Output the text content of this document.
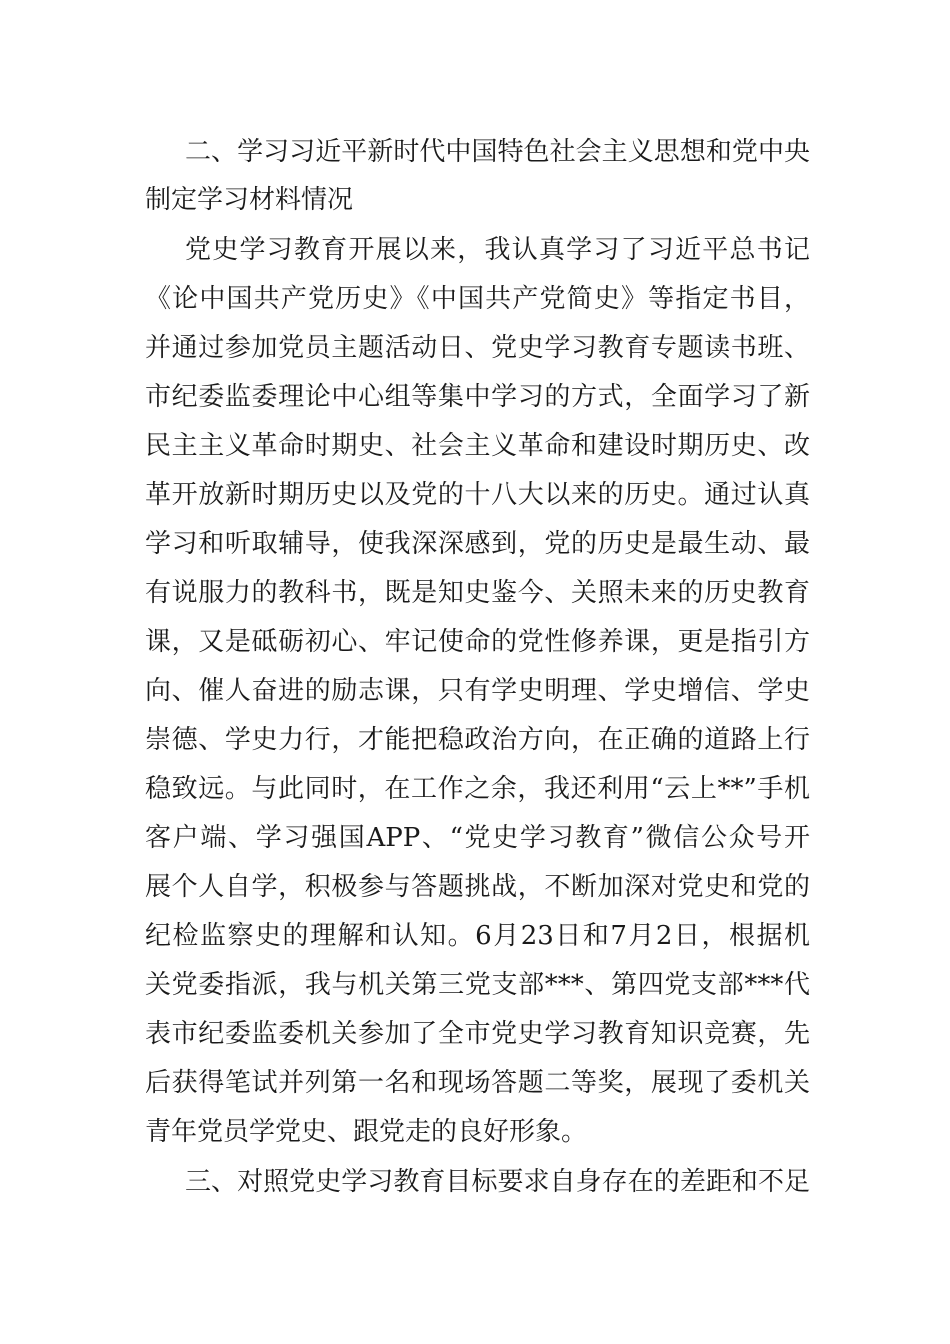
二、学习习近平新时代中国特色社会主义思想和党中央
制定学习材料情况
党史学习教育开展以来，我认真学习了习近平总书记
《论中国共产党历史》《中国共产党简史》等指定书目，
并通过参加党员主题活动日、党史学习教育专题读书班、
市纪委监委理论中心组等集中学习的方式，全面学习了新
民主主义革命时期史、社会主义革命和建设时期历史、改
革开放新时期历史以及党的十八大以来的历史。通过认真
学习和听取辅导，使我深深感到，党的历史是最生动、最
有说服力的教科书，既是知史鉴今、关照未来的历史教育
课，又是砥砺初心、牢记使命的党性修养课，更是指引方
向、催人奋进的励志课，只有学史明理、学史增信、学史
崇德、学史力行，才能把稳政治方向，在正确的道路上行
稳致远。与此同时，在工作之余，我还利用“云上**”手机
客户端、学习强国APP、“党史学习教育”微信公众号开
展个人自学，积极参与答题挑战，不断加深对党史和党的
纪检监察史的理解和认知。6月23日和7月2日，根据机
关党委指派，我与机关第三党支部***、第四党支部***代
表市纪委监委机关参加了全市党史学习教育知识竞赛，先
后获得笔试并列第一名和现场答题二等奖，展现了委机关
青年党员学党史、跟党走的良好形象。
三、对照党史学习教育目标要求自身存在的差距和不足
